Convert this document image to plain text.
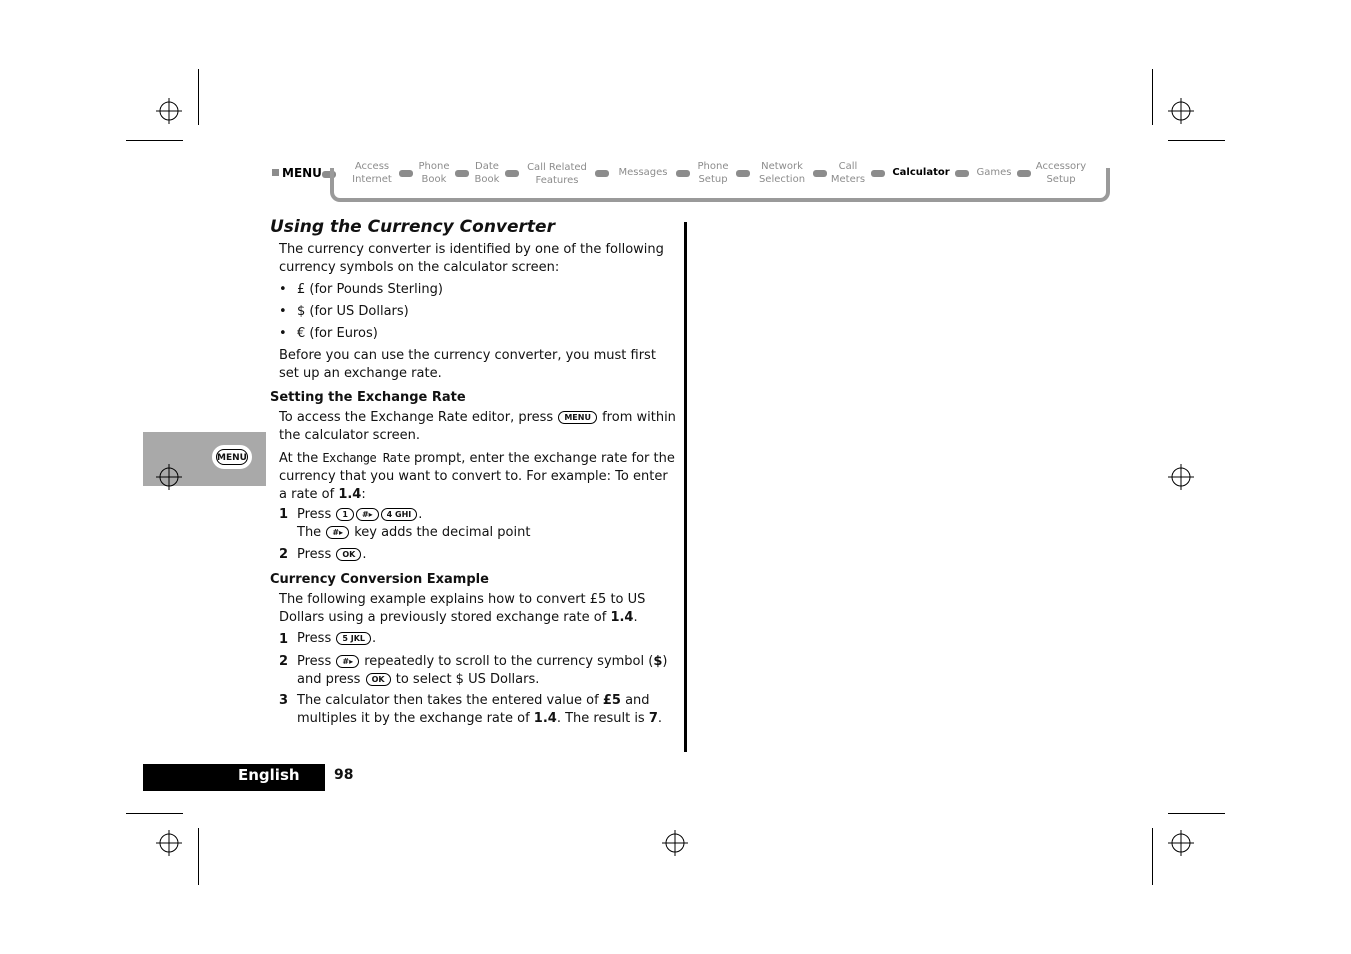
MENU	Access
Internet
Phone
Book
Date
Book
Call Related
Features
Messages
Phone
Setup
Network
Selection
Call
Meters
Calculator	Games
Accessory
Setup
MENU
Using the Currency Converter
The currency converter is identified by one of the following currency symbols on the calculator screen:
• £ (for Pounds Sterling)
• $ (for US Dollars)
• € (for Euros)
Before you can use the currency converter, you must first set up an exchange rate.
Setting the Exchange Rate
To access the Exchange Rate editor, press MENU from within the calculator screen.
At the Exchange Rate prompt, enter the exchange rate for the currency that you want to convert to. For example: To enter a rate of 1.4:
1 Press 1 #▸ 4 GHI .
The #▸ key adds the decimal point
2 Press OK .
Currency Conversion Example
The following example explains how to convert £5 to US Dollars using a previously stored exchange rate of 1.4.
1 Press 5 JKL .
2 Press #▸ repeatedly to scroll to the currency symbol ($) and press OK to select $ US Dollars.
3 The calculator then takes the entered value of £5 and multiples it by the exchange rate of 1.4. The result is 7.
English 98
